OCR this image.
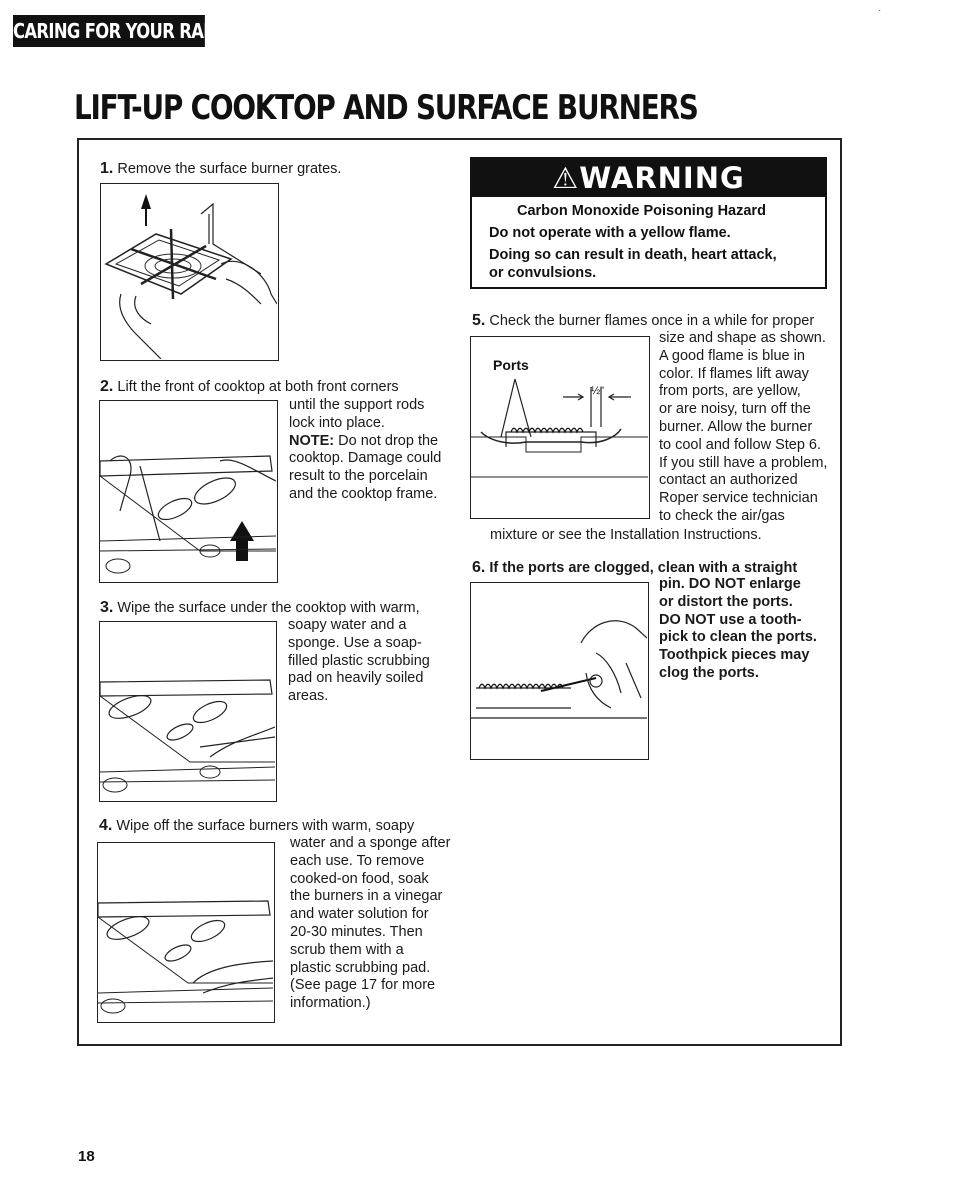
·
CARING FOR YOUR RANGE
LIFT-UP COOKTOP AND SURFACE BURNERS
1. Remove the surface burner grates.
2. Lift the front of cooktop at both front corners
until the support rods
lock into place.
NOTE: Do not drop the
cooktop. Damage could
result to the porcelain
and the cooktop frame.
3. Wipe the surface under the cooktop with warm,
soapy water and a
sponge. Use a soap-
filled plastic scrubbing
pad on heavily soiled
areas.
4. Wipe off the surface burners with warm, soapy
water and a sponge after
each use. To remove
cooked-on food, soak
the burners in a vinegar
and water solution for
20-30 minutes. Then
scrub them with a
plastic scrubbing pad.
(See page 17 for more
information.)
⚠WARNING
Carbon Monoxide Poisoning Hazard
Do not operate with a yellow flame.
Doing so can result in death, heart attack,
or convulsions.
5. Check the burner flames once in a while for proper
size and shape as shown.
A good flame is blue in
color. If flames lift away
from ports, are yellow,
or are noisy, turn off the
burner. Allow the burner
to cool and follow Step 6.
If you still have a problem,
contact an authorized
Roper service technician
to check the air/gas
mixture or see the Installation Instructions.
Ports
½"
6. If the ports are clogged, clean with a straight
pin. DO NOT enlarge
or distort the ports.
DO NOT use a tooth-
pick to clean the ports.
Toothpick pieces may
clog the ports.
18
